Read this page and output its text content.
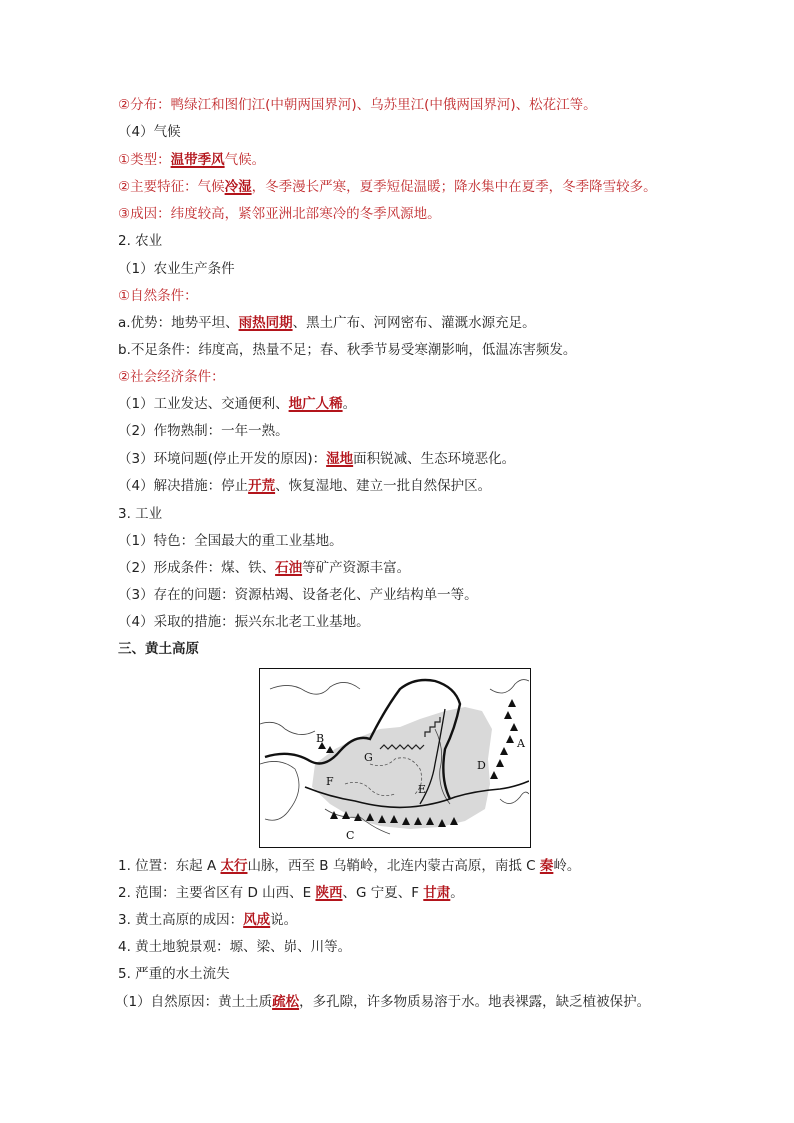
②分布：鸭绿江和图们江(中朝两国界河)、乌苏里江(中俄两国界河)、松花江等。
（4）气候
①类型：温带季风气候。
②主要特征：气候冷湿，冬季漫长严寒，夏季短促温暖；降水集中在夏季，冬季降雪较多。
③成因：纬度较高，紧邻亚洲北部寒冷的冬季风源地。
2. 农业
（1）农业生产条件
①自然条件：
a.优势：地势平坦、雨热同期、黑土广布、河网密布、灌溉水源充足。
b.不足条件：纬度高，热量不足；春、秋季节易受寒潮影响，低温冻害频发。
②社会经济条件：
（1）工业发达、交通便利、地广人稀。
（2）作物熟制：一年一熟。
（3）环境问题(停止开发的原因)：湿地面积锐减、生态环境恶化。
（4）解决措施：停止开荒、恢复湿地、建立一批自然保护区。
3. 工业
（1）特色：全国最大的重工业基地。
（2）形成条件：煤、铁、石油等矿产资源丰富。
（3）存在的问题：资源枯竭、设备老化、产业结构单一等。
（4）采取的措施：振兴东北老工业基地。
三、黄土高原
1. 位置：东起 A 太行山脉，西至 B 乌鞘岭，北连内蒙古高原，南抵 C 秦岭。
2. 范围：主要省区有 D 山西、E 陕西、G 宁夏、F 甘肃。
3. 黄土高原的成因：风成说。
4. 黄土地貌景观：塬、梁、峁、川等。
5. 严重的水土流失
（1）自然原因：黄土土质疏松，多孔隙，许多物质易溶于水。地表裸露，缺乏植被保护。
A
B
C
D
E
F
G
